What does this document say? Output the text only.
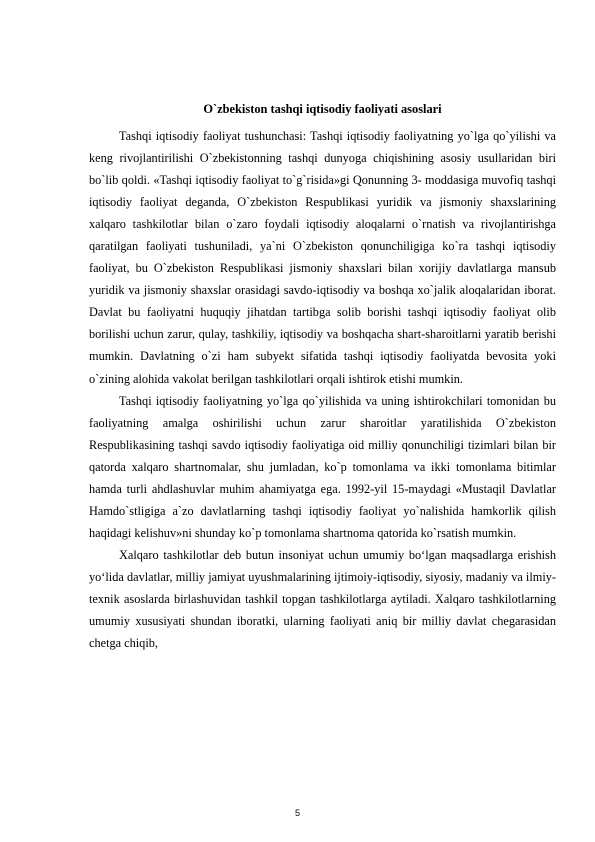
O`zbekiston tashqi iqtisodiy faoliyati asoslari

Tashqi iqtisodiy faoliyat tushunchasi: Tashqi iqtisodiy faoliyatning yo`lga qo`yilishi va keng rivojlantirilishi O`zbekistonning tashqi dunyoga chiqishining asosiy usullaridan biri bo`lib qoldi. «Tashqi iqtisodiy faoliyat to`g`risida»gi Qonunning 3- moddasiga muvofiq tashqi iqtisodiy faoliyat deganda, O`zbekiston Respublikasi yuridik va jismoniy shaxslarining xalqaro tashkilotlar bilan o`zaro foydali iqtisodiy aloqalarni o`rnatish va rivojlantirishga qaratilgan faoliyati tushuniladi, ya`ni O`zbekiston qonunchiligiga ko`ra tashqi iqtisodiy faoliyat, bu O`zbekiston Respublikasi jismoniy shaxslari bilan xorijiy davlatlarga mansub yuridik va jismoniy shaxslar orasidagi savdo-iqtisodiy va boshqa xo`jalik aloqalaridan iborat. Davlat bu faoliyatni huquqiy jihatdan tartibga solib borishi tashqi iqtisodiy faoliyat olib borilishi uchun zarur, qulay, tashkiliy, iqtisodiy va boshqacha shart-sharoitlarni yaratib berishi mumkin. Davlatning o`zi ham subyekt sifatida tashqi iqtisodiy faoliyatda bevosita yoki o`zining alohida vakolat berilgan tashkilotlari orqali ishtirok etishi mumkin.

Tashqi iqtisodiy faoliyatning yo`lga qo`yilishida va uning ishtirokchilari tomonidan bu faoliyatning amalga oshirilishi uchun zarur sharoitlar yaratilishida O`zbekiston Respublikasining tashqi savdo iqtisodiy faoliyatiga oid milliy qonunchiligi tizimlari bilan bir qatorda xalqaro shartnomalar, shu jumladan, ko`p tomonlama va ikki tomonlama bitimlar hamda turli ahdlashuvlar muhim ahamiyatga ega. 1992-yil 15-maydagi «Mustaqil Davlatlar Hamdo`stligiga a`zo davlatlarning tashqi iqtisodiy faoliyat yo`nalishida hamkorlik qilish haqidagi kelishuv»ni shunday ko`p tomonlama shartnoma qatorida ko`rsatish mumkin.

Xalqaro tashkilotlar deb butun insoniyat uchun umumiy bo‘lgan maqsadlarga erishish yo‘lida davlatlar, milliy jamiyat uyushmalarining ijtimoiy-iqtisodiy, siyosiy, madaniy va ilmiy-texnik asoslarda birlashuvidan tashkil topgan tashkilotlarga aytiladi. Xalqaro tashkilotlarning umumiy xususiyati shundan iboratki, ularning faoliyati aniq bir milliy davlat chegarasidan chetga chiqib,

5
